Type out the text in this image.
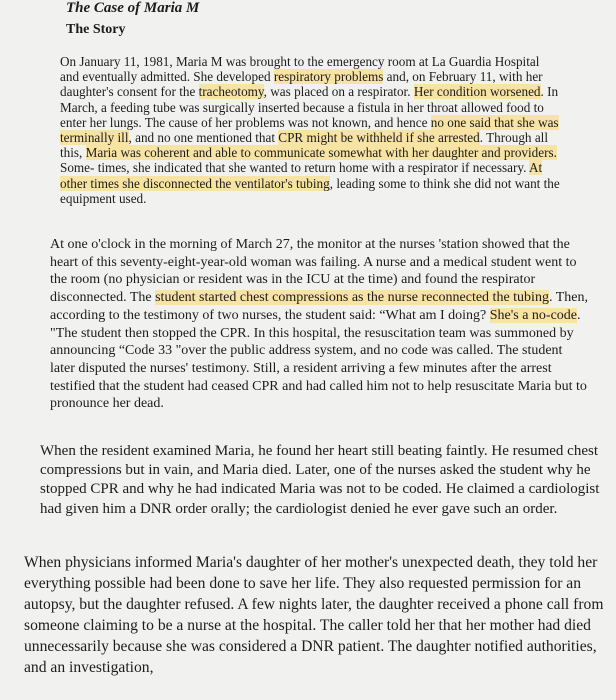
The Case of Maria M
The Story

On January 11, 1981, Maria M was brought to the emergency room at La Guardia Hospital and eventually admitted. She developed respiratory problems and, on February 11, with her daughter's consent for the tracheotomy, was placed on a respirator. Her condition worsened. In March, a feeding tube was surgically inserted because a fistula in her throat allowed food to enter her lungs. The cause of her problems was not known, and hence no one said that she was terminally ill, and no one mentioned that CPR might be withheld if she arrested. Through all this, Maria was coherent and able to communicate somewhat with her daughter and providers. Some- times, she indicated that she wanted to return home with a respirator if necessary. At other times she disconnected the ventilator's tubing, leading some to think she did not want the equipment used.

At one o'clock in the morning of March 27, the monitor at the nurses 'station showed that the heart of this seventy-eight-year-old woman was failing. A nurse and a medical student went to the room (no physician or resident was in the ICU at the time) and found the respirator disconnected. The student started chest compressions as the nurse reconnected the tubing. Then, according to the testimony of two nurses, the student said: “What am I doing? She's a no-code. "The student then stopped the CPR. In this hospital, the resuscitation team was summoned by announcing “Code 33 "over the public address system, and no code was called. The student later disputed the nurses' testimony. Still, a resident arriving a few minutes after the arrest testified that the student had ceased CPR and had called him not to help resuscitate Maria but to pronounce her dead.

When the resident examined Maria, he found her heart still beating faintly. He resumed chest compressions but in vain, and Maria died. Later, one of the nurses asked the student why he stopped CPR and why he had indicated Maria was not to be coded. He claimed a cardiologist had given him a DNR order orally; the cardiologist denied he ever gave such an order.

When physicians informed Maria's daughter of her mother's unexpected death, they told her everything possible had been done to save her life. They also requested permission for an autopsy, but the daughter refused. A few nights later, the daughter received a phone call from someone claiming to be a nurse at the hospital. The caller told her that her mother had died unnecessarily because she was considered a DNR patient. The daughter notified authorities, and an investigation,
